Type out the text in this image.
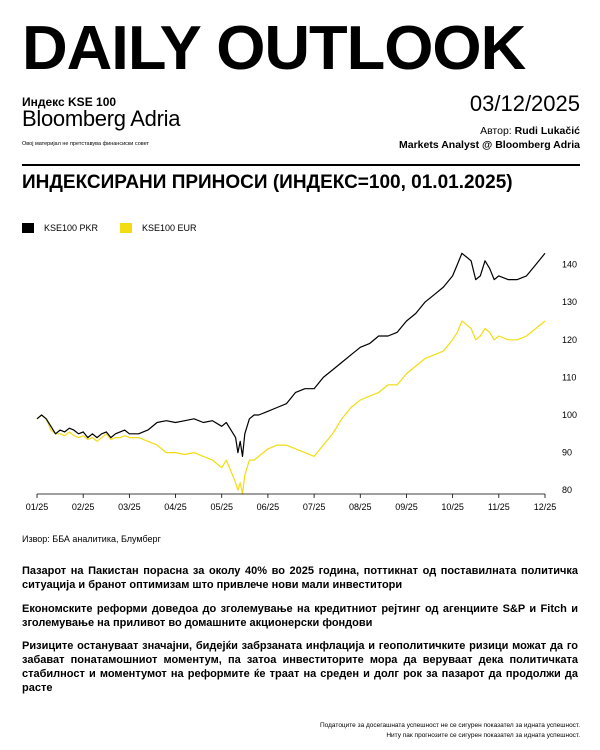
DAILY OUTLOOK
Индекс KSE 100
Bloomberg Adria
Овој материјал не претставува финансиски совет
03/12/2025
Автор: Rudi Lukačić
Markets Analyst @ Bloomberg Adria
ИНДЕКСИРАНИ ПРИНОСИ (ИНДЕКС=100, 01.01.2025)
KSE100 PKR	KSE100 EUR
01/25	02/25	03/25	04/25	05/25	06/25	07/25	08/25	09/25	10/25	11/25	12/25
80
90
100
110
120
130
140
Извор: ББА аналитика, Блумберг
Пазарот на Пакистан порасна за околу 40% во 2025 година, поттикнат од поставилната политичка ситуација и бранот оптимизам што привлече нови мали инвеститори
Економските реформи доведоа до зголемување на кредитниот рејтинг од агенциите S&P и Fitch и зголемување на приливот во домашните акционерски фондови
Ризиците остануваат значајни, бидејќи забрзаната инфлација и геополитичките ризици можат да го забават понатамошниот моментум, па затоа инвеститорите мора да веруваат дека политичката стабилност и моментумот на реформите ќе траат на среден и долг рок за пазарот да продолжи да расте
Податоците за досегашната успешност не се сигурен показател за идната успешност.
Ниту пак прогнозите се сигурен показател за идната успешност.
